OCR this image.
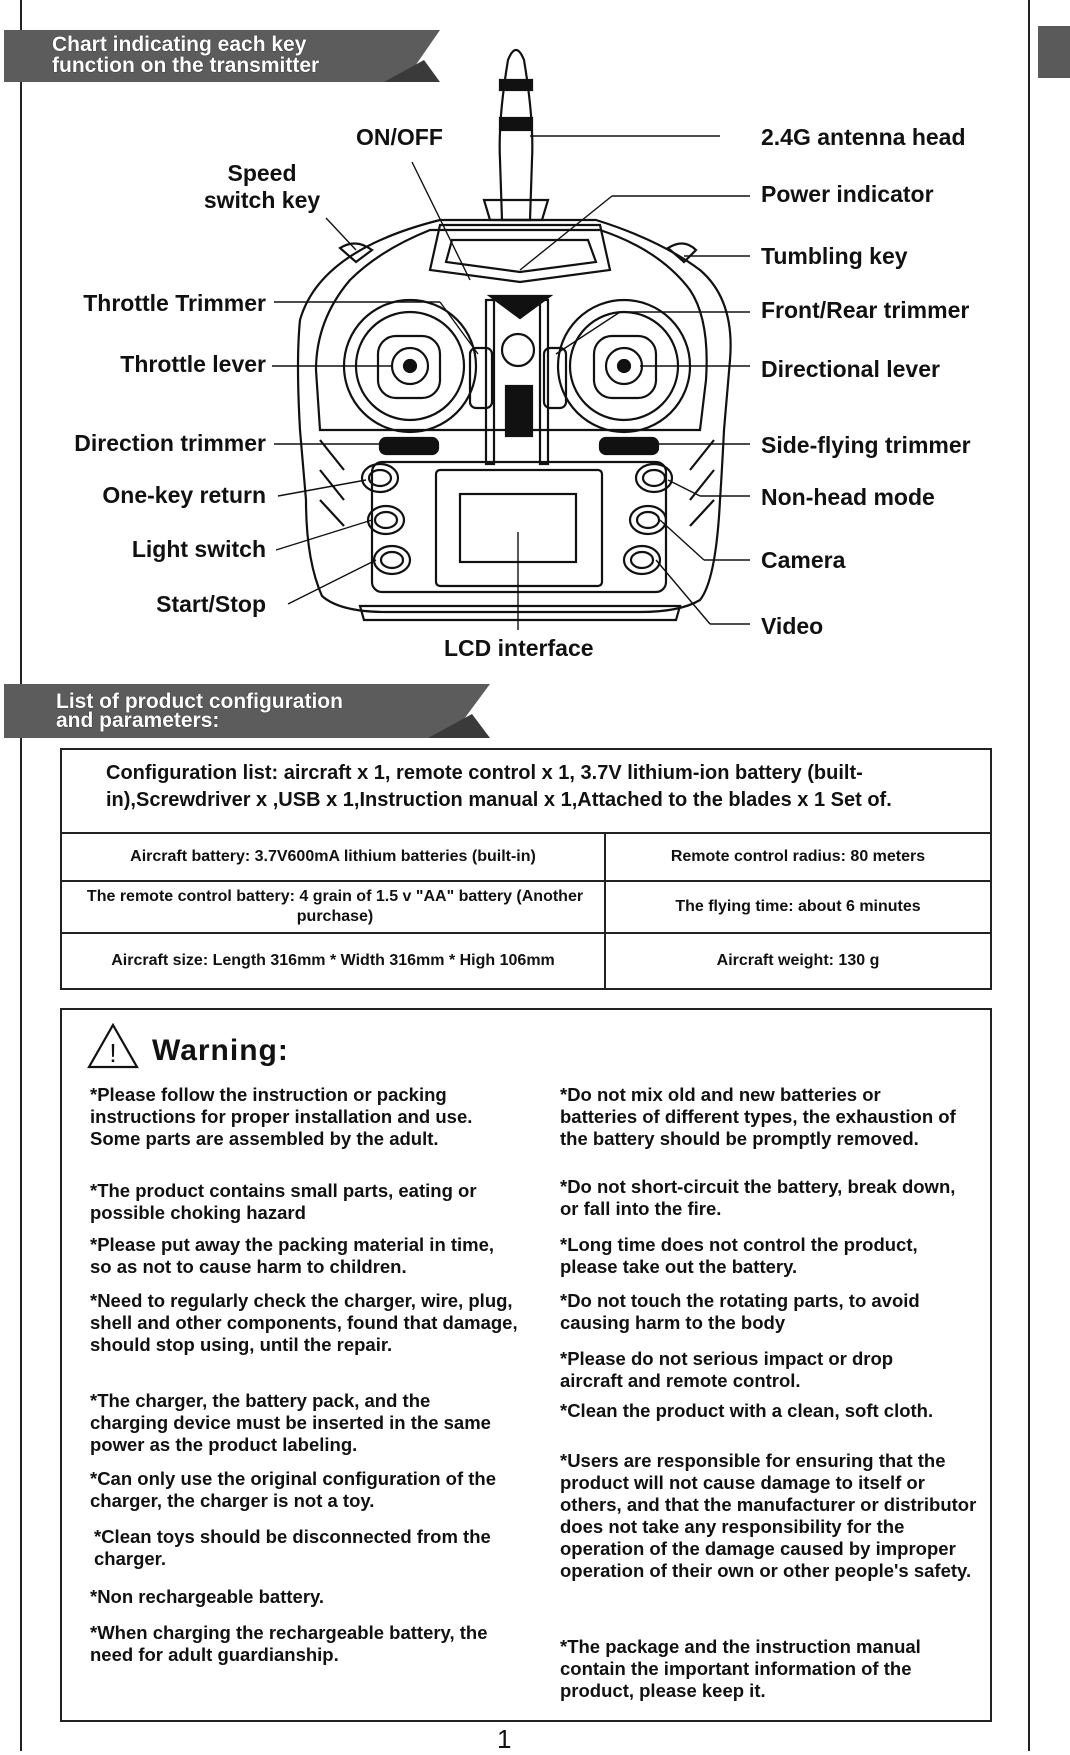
Chart indicating each key
function on the transmitter
ON/OFF
Speed
switch key
Throttle Trimmer
Throttle lever
Direction trimmer
One-key return
Light switch
Start/Stop
LCD interface
2.4G antenna head
Power indicator
Tumbling key
Front/Rear trimmer
Directional lever
Side-flying trimmer
Non-head mode
Camera
Video
List of product configuration
and parameters:
Configuration list: aircraft x 1, remote control x 1, 3.7V lithium-ion battery (built-in),Screwdriver x ,USB x 1,Instruction manual x 1,Attached to the blades x 1 Set of.
Aircraft battery: 3.7V600mA lithium batteries (built-in)	Remote control radius: 80 meters
The remote control battery: 4 grain of 1.5 v "AA" battery (Another purchase)
The flying time: about 6 minutes
Aircraft size: Length 316mm * Width 316mm * High 106mm	Aircraft weight: 130 g
! Warning:
*Please follow the instruction or packing instructions for proper installation and use. Some parts are assembled by the adult.
*The product contains small parts, eating or possible choking hazard
*Please put away the packing material in time, so as not to cause harm to children.
*Need to regularly check the charger, wire, plug, shell and other components, found that damage, should stop using, until the repair.
*The charger, the battery pack, and the charging device must be inserted in the same power as the product labeling.
*Can only use the original configuration of the charger, the charger is not a toy.
*Clean toys should be disconnected from the charger.
*Non rechargeable battery.
*When charging the rechargeable battery, the need for adult guardianship.
*Do not mix old and new batteries or batteries of different types, the exhaustion of the battery should be promptly removed.
*Do not short-circuit the battery, break down, or fall into the fire.
*Long time does not control the product, please take out the battery.
*Do not touch the rotating parts, to avoid causing harm to the body
*Please do not serious impact or drop aircraft and remote control.
*Clean the product with a clean, soft cloth.
*Users are responsible for ensuring that the product will not cause damage to itself or others, and that the manufacturer or distributor does not take any responsibility for the operation of the damage caused by improper operation of their own or other people's safety.
*The package and the instruction manual contain the important information of the product, please keep it.
1
